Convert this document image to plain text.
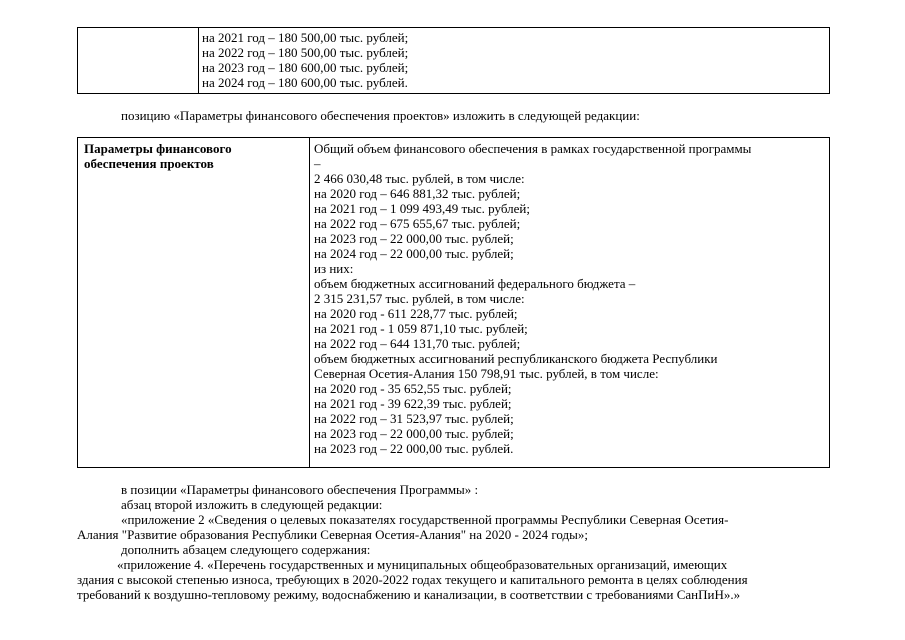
на 2021 год – 180 500,00 тыс. рублей;
на 2022 год – 180 500,00 тыс. рублей;
на 2023 год – 180 600,00 тыс. рублей;
на 2024 год – 180 600,00 тыс. рублей.
позицию «Параметры финансового обеспечения проектов» изложить в следующей редакции:
Параметры финансового
обеспечения проектов
Общий объем финансового обеспечения в рамках государственной программы
–
2 466 030,48 тыс. рублей, в том числе:
на 2020 год – 646 881,32 тыс. рублей;
на 2021 год – 1 099 493,49 тыс. рублей;
на 2022 год – 675 655,67 тыс. рублей;
на 2023 год – 22 000,00 тыс. рублей;
на 2024 год – 22 000,00 тыс. рублей;
из них:
объем бюджетных ассигнований федерального бюджета –
2 315 231,57 тыс. рублей, в том числе:
на 2020 год - 611 228,77 тыс. рублей;
на 2021 год - 1 059 871,10 тыс. рублей;
на 2022 год – 644 131,70 тыс. рублей;
объем бюджетных ассигнований республиканского бюджета Республики
Северная Осетия-Алания 150 798,91 тыс. рублей, в том числе:
на 2020 год - 35 652,55 тыс. рублей;
на 2021 год - 39 622,39 тыс. рублей;
на 2022 год – 31 523,97 тыс. рублей;
на 2023 год – 22 000,00 тыс. рублей;
на 2023 год – 22 000,00 тыс. рублей.
в позиции «Параметры финансового обеспечения Программы» :
абзац второй изложить в следующей редакции:
«приложение 2 «Сведения о целевых показателях государственной программы Республики Северная Осетия-
Алания "Развитие образования Республики Северная Осетия-Алания" на 2020 - 2024 годы»;
дополнить абзацем следующего содержания:
«приложение 4. «Перечень государственных и муниципальных общеобразовательных организаций, имеющих
здания с высокой степенью износа, требующих в 2020-2022 годах текущего и капитального ремонта в целях соблюдения
требований к воздушно-тепловому режиму, водоснабжению и канализации, в соответствии с требованиями СанПиН».»
